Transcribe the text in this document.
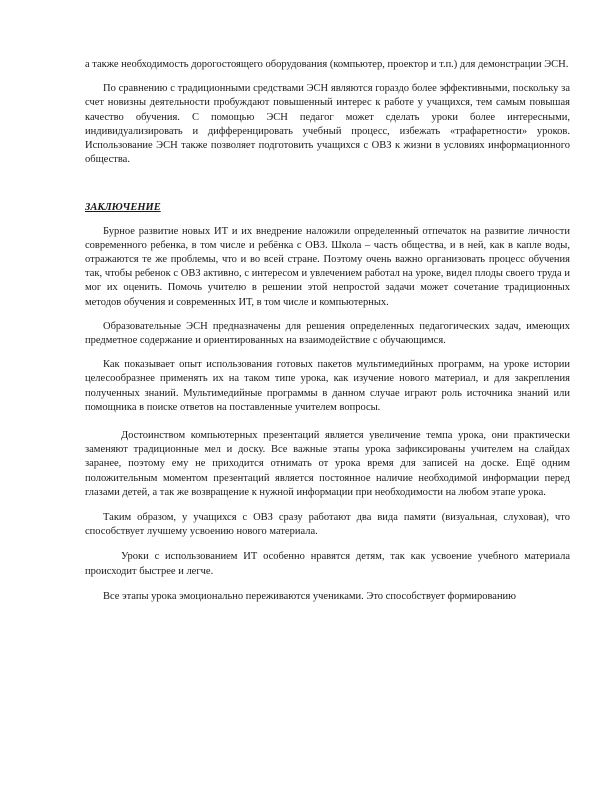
а также необходимость дорогостоящего оборудования (компьютер, проектор и т.п.) для демонстрации ЭСН.

По сравнению с традиционными средствами ЭСН являются гораздо более эффективными, поскольку за счет новизны деятельности пробуждают повышенный интерес к работе у учащихся, тем самым повышая качество обучения. С помощью ЭСН педагог может сделать уроки более интересными, индивидуализировать и дифференцировать учебный процесс, избежать «трафаретности» уроков. Использование ЭСН также позволяет подготовить учащихся с ОВЗ к жизни в условиях информационного общества.

ЗАКЛЮЧЕНИЕ

Бурное развитие новых ИТ и их внедрение наложили определенный отпечаток на развитие личности современного ребенка, в том числе и ребёнка с ОВЗ. Школа – часть общества, и в ней, как в капле воды, отражаются те же проблемы, что и во всей стране. Поэтому очень важно организовать процесс обучения так, чтобы ребенок с ОВЗ активно, с интересом и увлечением работал на уроке, видел плоды своего труда и мог их оценить. Помочь учителю в решении этой непростой задачи может сочетание традиционных методов обучения и современных ИТ, в том числе и компьютерных.

Образовательные ЭСН предназначены для решения определенных педагогических задач, имеющих предметное содержание и ориентированных на взаимодействие с обучающимся.

Как показывает опыт использования готовых пакетов мультимедийных программ, на уроке истории целесообразнее применять их на таком типе урока, как изучение нового материал, и для закрепления полученных знаний. Мультимедийные программы в данном случае играют роль источника знаний или помощника в поиске ответов на поставленные учителем вопросы.

Достоинством компьютерных презентаций является увеличение темпа урока, они практически заменяют традиционные мел и доску. Все важные этапы урока зафиксированы учителем на слайдах заранее, поэтому ему не приходится отнимать от урока время для записей на доске. Ещё одним положительным моментом презентаций является постоянное наличие необходимой информации перед глазами детей, а так же возвращение к нужной информации при необходимости на любом этапе урока.

Таким образом, у учащихся с ОВЗ сразу работают два вида памяти (визуальная, слуховая), что способствует лучшему усвоению нового материала.

Уроки с использованием ИТ особенно нравятся детям, так как усвоение учебного материала происходит быстрее и легче.

Все этапы урока эмоционально переживаются учениками. Это способствует формированию
